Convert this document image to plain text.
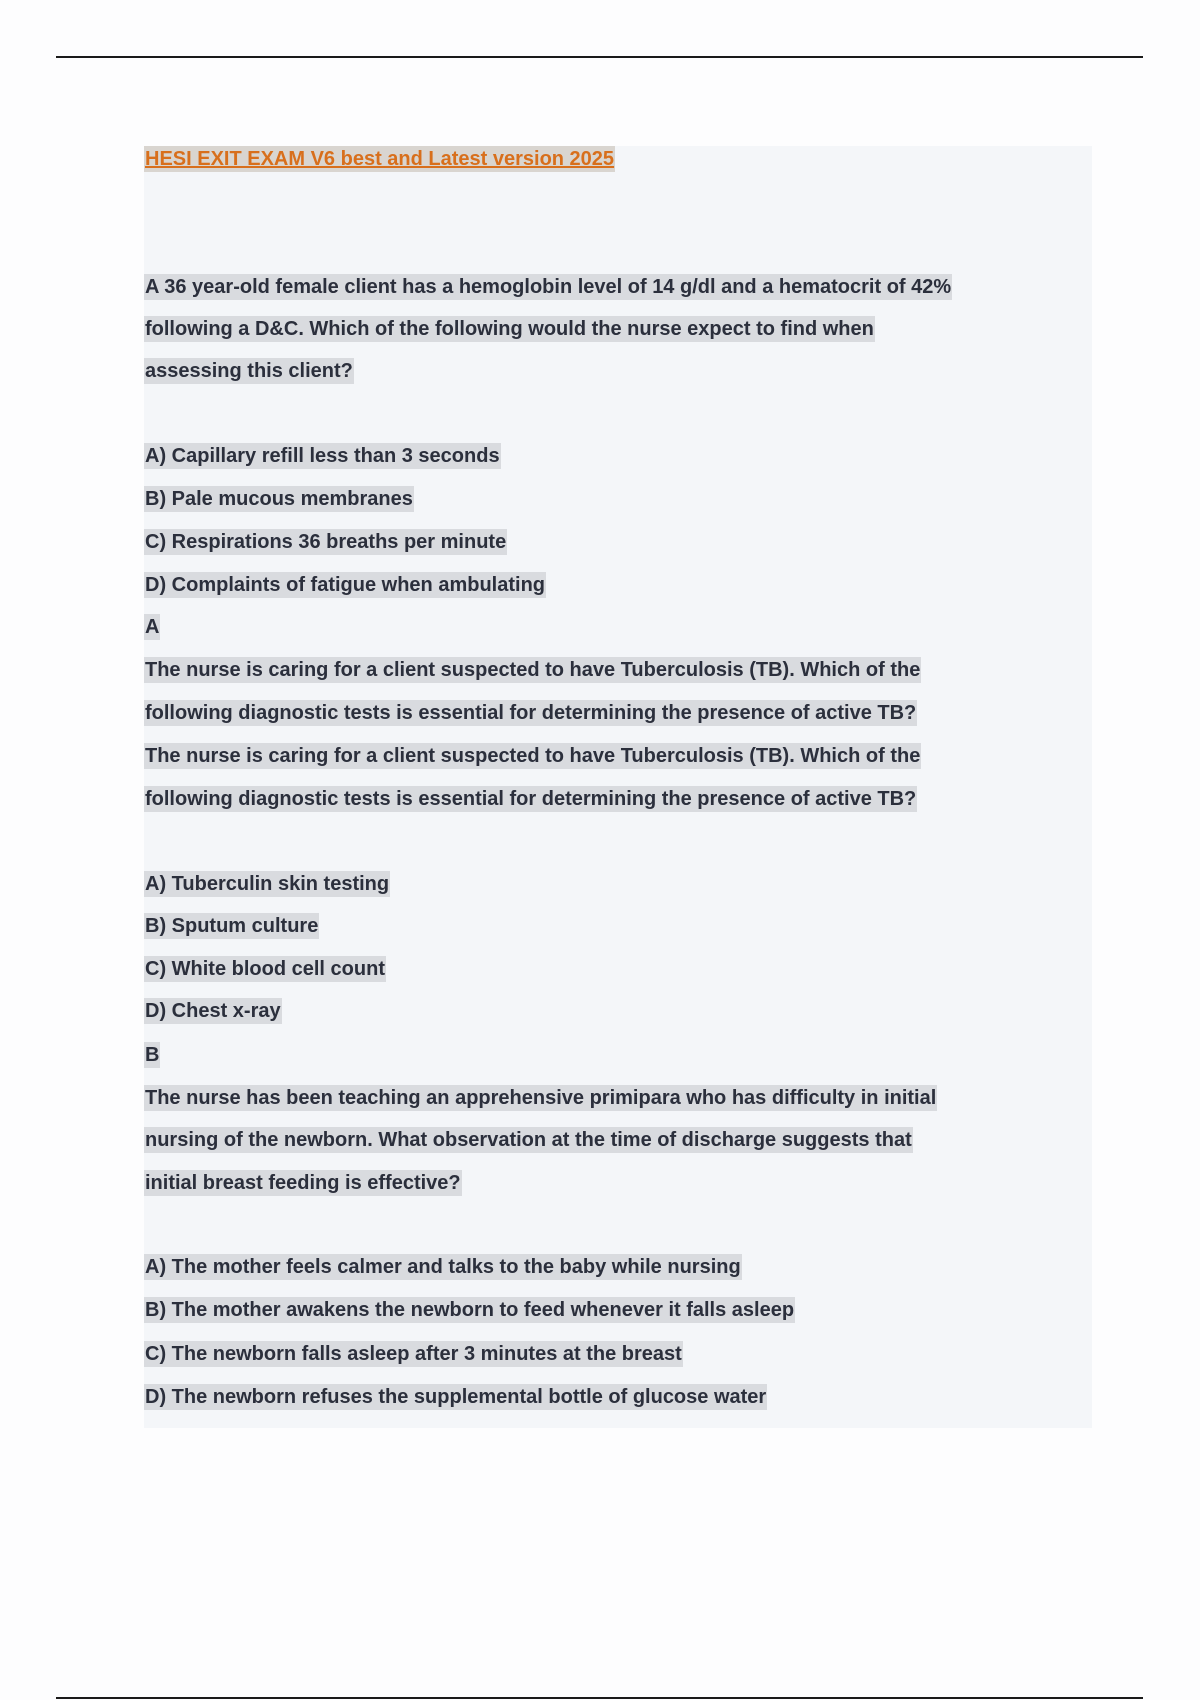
HESI EXIT EXAM V6 best and Latest version 2025
A 36 year-old female client has a hemoglobin level of 14 g/dl and a hematocrit of 42%
following a D&C. Which of the following would the nurse expect to find when
assessing this client?
A) Capillary refill less than 3 seconds
B) Pale mucous membranes
C) Respirations 36 breaths per minute
D) Complaints of fatigue when ambulating
A
The nurse is caring for a client suspected to have Tuberculosis (TB). Which of the
following diagnostic tests is essential for determining the presence of active TB?
The nurse is caring for a client suspected to have Tuberculosis (TB). Which of the
following diagnostic tests is essential for determining the presence of active TB?
A) Tuberculin skin testing
B) Sputum culture
C) White blood cell count
D) Chest x-ray
B
The nurse has been teaching an apprehensive primipara who has difficulty in initial
nursing of the newborn. What observation at the time of discharge suggests that
initial breast feeding is effective?
A) The mother feels calmer and talks to the baby while nursing
B) The mother awakens the newborn to feed whenever it falls asleep
C) The newborn falls asleep after 3 minutes at the breast
D) The newborn refuses the supplemental bottle of glucose water
